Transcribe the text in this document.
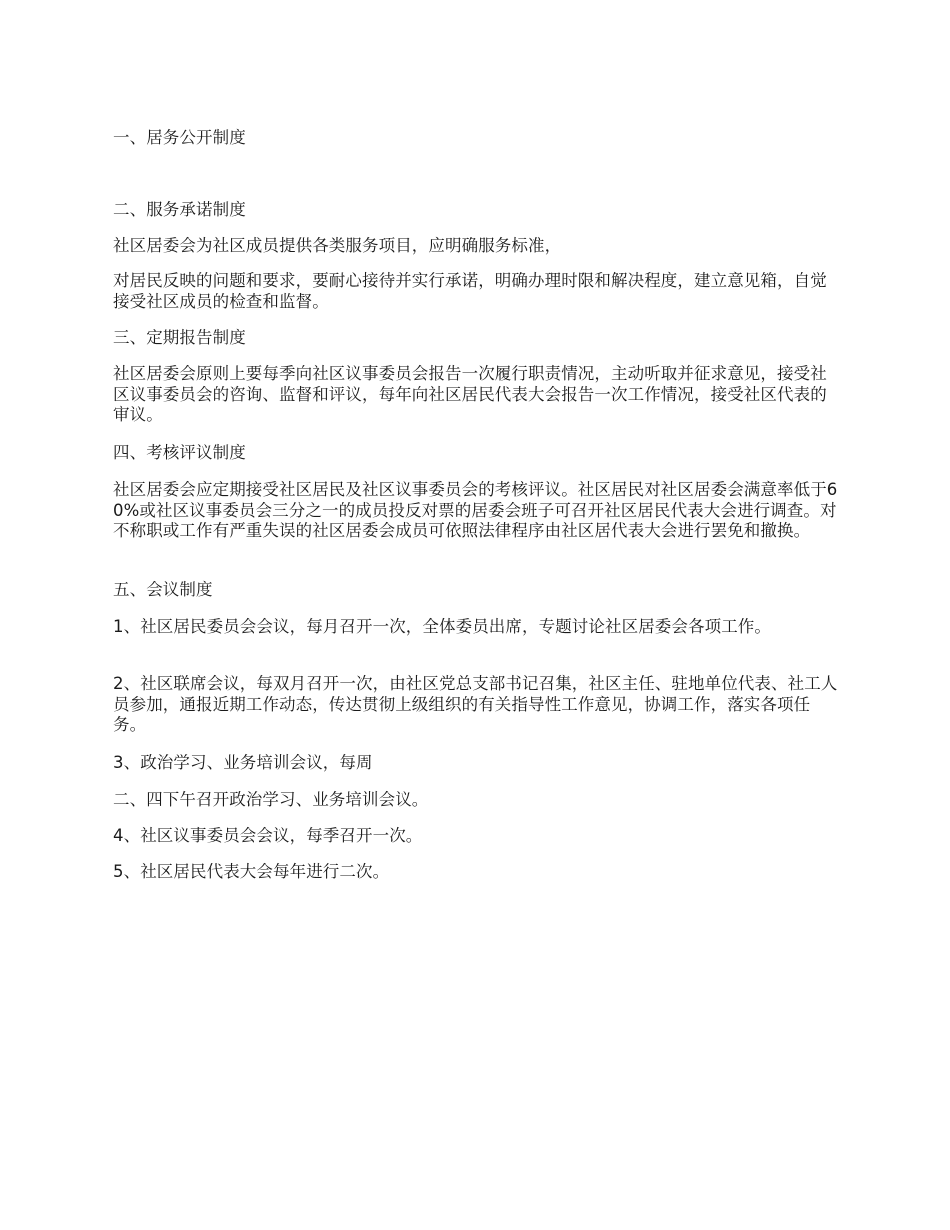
一、居务公开制度

二、服务承诺制度

社区居委会为社区成员提供各类服务项目，应明确服务标准，

对居民反映的问题和要求，要耐心接待并实行承诺，明确办理时限和解决程度，建立意见箱，自觉接受社区成员的检查和监督。

三、定期报告制度

社区居委会原则上要每季向社区议事委员会报告一次履行职责情况，主动听取并征求意见，接受社区议事委员会的咨询、监督和评议，每年向社区居民代表大会报告一次工作情况，接受社区代表的审议。

四、考核评议制度

社区居委会应定期接受社区居民及社区议事委员会的考核评议。社区居民对社区居委会满意率低于60%或社区议事委员会三分之一的成员投反对票的居委会班子可召开社区居民代表大会进行调查。对不称职或工作有严重失误的社区居委会成员可依照法律程序由社区居代表大会进行罢免和撤换。

五、会议制度

1、社区居民委员会会议，每月召开一次，全体委员出席，专题讨论社区居委会各项工作。

2、社区联席会议，每双月召开一次，由社区党总支部书记召集，社区主任、驻地单位代表、社工人员参加，通报近期工作动态，传达贯彻上级组织的有关指导性工作意见，协调工作，落实各项任务。

3、政治学习、业务培训会议，每周

二、四下午召开政治学习、业务培训会议。

4、社区议事委员会会议，每季召开一次。

5、社区居民代表大会每年进行二次。
